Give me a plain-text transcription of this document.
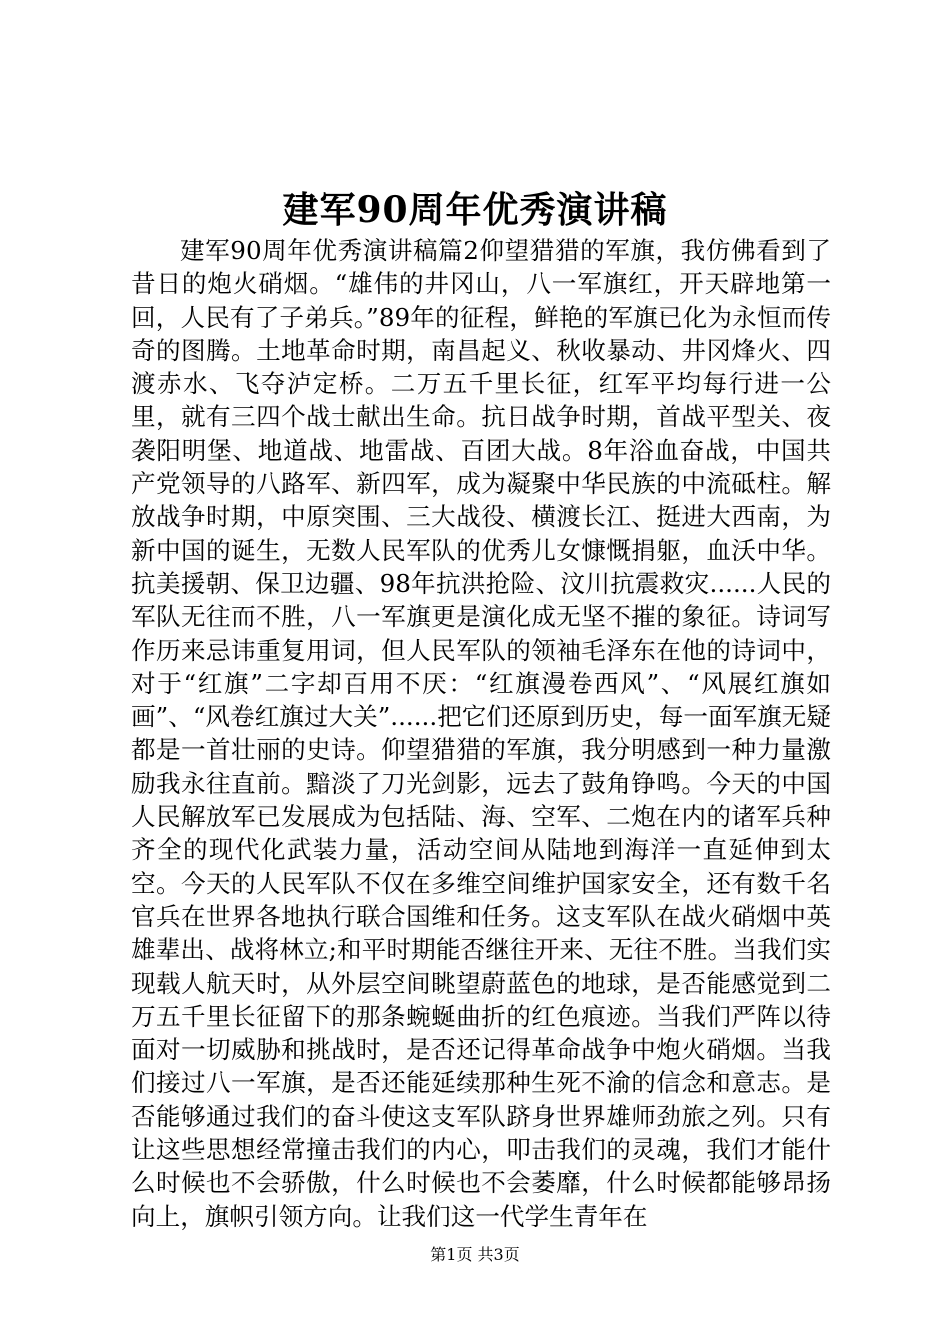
建军90周年优秀演讲稿

建军90周年优秀演讲稿篇2仰望猎猎的军旗，我仿佛看到了昔日的炮火硝烟。“雄伟的井冈山，八一军旗红，开天辟地第一回，人民有了子弟兵。”89年的征程，鲜艳的军旗已化为永恒而传奇的图腾。土地革命时期，南昌起义、秋收暴动、井冈烽火、四渡赤水、飞夺泸定桥。二万五千里长征，红军平均每行进一公里，就有三四个战士献出生命。抗日战争时期，首战平型关、夜袭阳明堡、地道战、地雷战、百团大战。8年浴血奋战，中国共产党领导的八路军、新四军，成为凝聚中华民族的中流砥柱。解放战争时期，中原突围、三大战役、横渡长江、挺进大西南，为新中国的诞生，无数人民军队的优秀儿女慷慨捐躯，血沃中华。抗美援朝、保卫边疆、98年抗洪抢险、汶川抗震救灾......人民的军队无往而不胜，八一军旗更是演化成无坚不摧的象征。诗词写作历来忌讳重复用词，但人民军队的领袖毛泽东在他的诗词中，对于“红旗”二字却百用不厌：“红旗漫卷西风”、“风展红旗如画”、“风卷红旗过大关”......把它们还原到历史，每一面军旗无疑都是一首壮丽的史诗。仰望猎猎的军旗，我分明感到一种力量激励我永往直前。黯淡了刀光剑影，远去了鼓角铮鸣。今天的中国人民解放军已发展成为包括陆、海、空军、二炮在内的诸军兵种齐全的现代化武装力量，活动空间从陆地到海洋一直延伸到太空。今天的人民军队不仅在多维空间维护国家安全，还有数千名官兵在世界各地执行联合国维和任务。这支军队在战火硝烟中英雄辈出、战将林立;和平时期能否继往开来、无往不胜。当我们实现载人航天时，从外层空间眺望蔚蓝色的地球，是否能感觉到二万五千里长征留下的那条蜿蜒曲折的红色痕迹。当我们严阵以待面对一切威胁和挑战时，是否还记得革命战争中炮火硝烟。当我们接过八一军旗，是否还能延续那种生死不渝的信念和意志。是否能够通过我们的奋斗使这支军队跻身世界雄师劲旅之列。只有让这些思想经常撞击我们的内心，叩击我们的灵魂，我们才能什么时候也不会骄傲，什么时候也不会萎靡，什么时候都能够昂扬向上，旗帜引领方向。让我们这一代学生青年在

第1页 共3页
